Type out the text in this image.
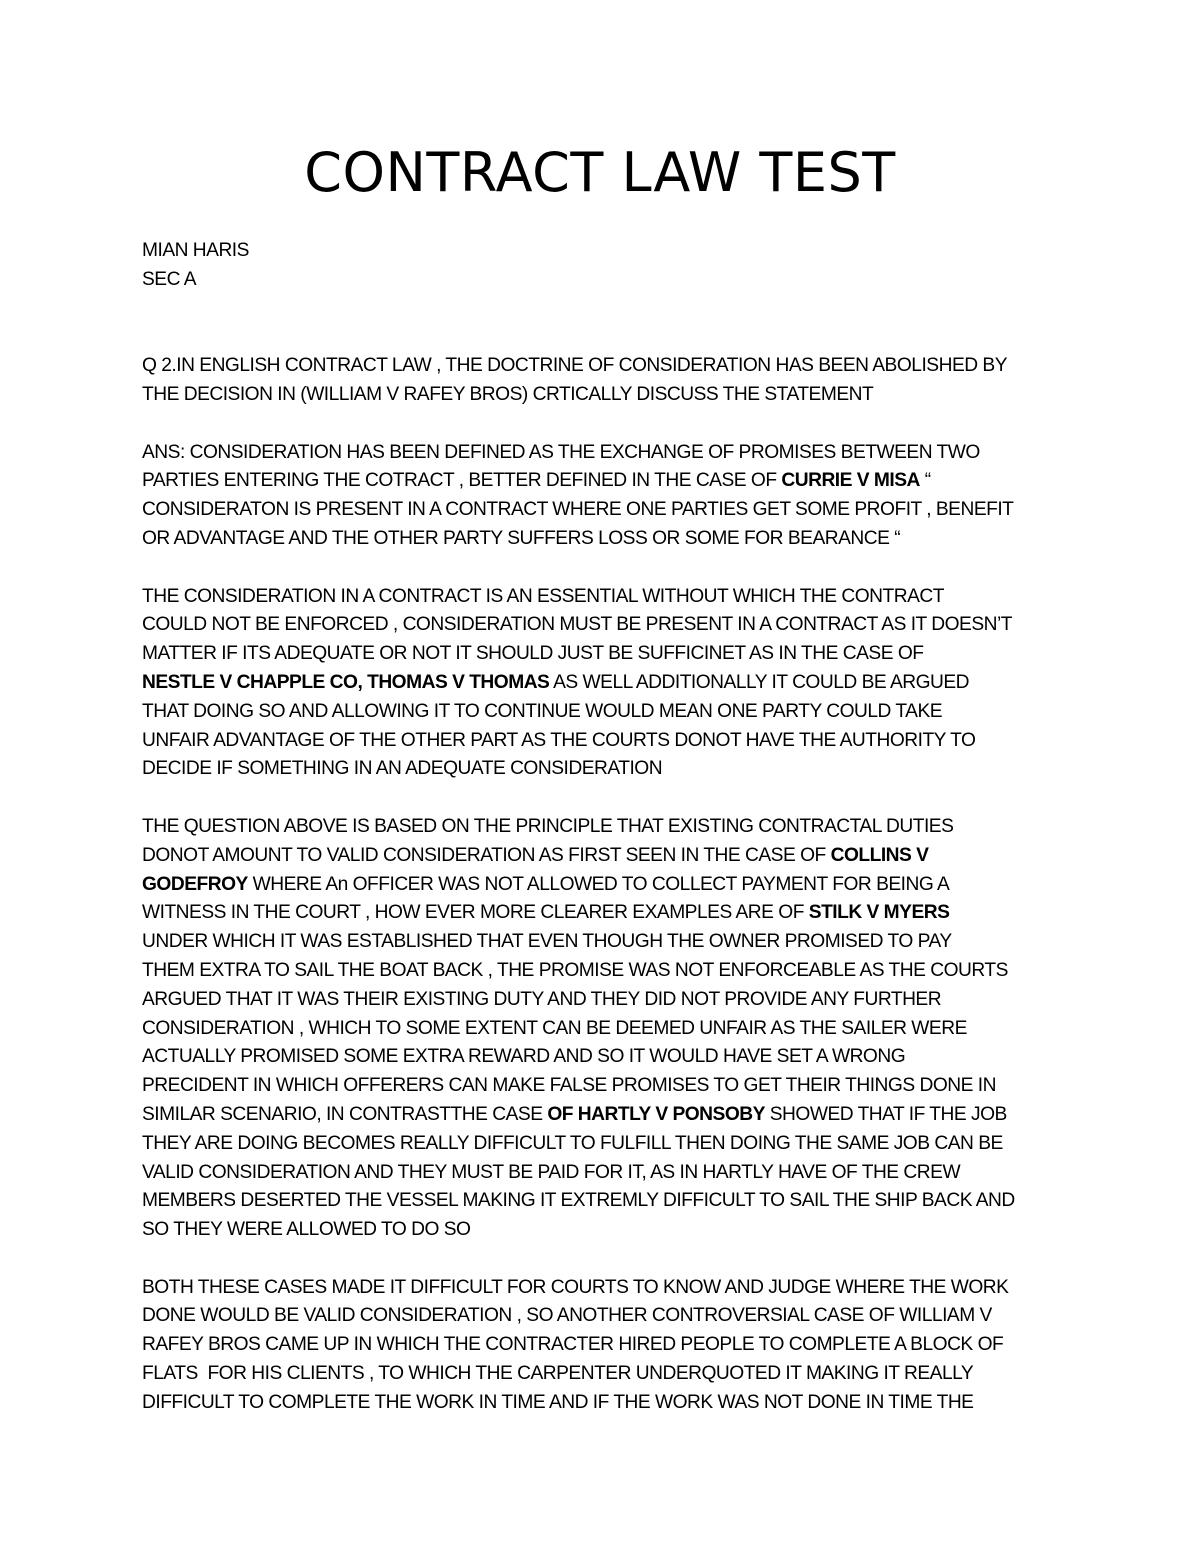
CONTRACT LAW TEST
MIAN HARIS
SEC A
Q 2.IN ENGLISH CONTRACT LAW , THE DOCTRINE OF CONSIDERATION HAS BEEN ABOLISHED BY
THE DECISION IN (WILLIAM V RAFEY BROS) CRTICALLY DISCUSS THE STATEMENT
ANS: CONSIDERATION HAS BEEN DEFINED AS THE EXCHANGE OF PROMISES BETWEEN TWO
PARTIES ENTERING THE COTRACT , BETTER DEFINED IN THE CASE OF CURRIE V MISA “
CONSIDERATON IS PRESENT IN A CONTRACT WHERE ONE PARTIES GET SOME PROFIT , BENEFIT
OR ADVANTAGE AND THE OTHER PARTY SUFFERS LOSS OR SOME FOR BEARANCE “
THE CONSIDERATION IN A CONTRACT IS AN ESSENTIAL WITHOUT WHICH THE CONTRACT
COULD NOT BE ENFORCED , CONSIDERATION MUST BE PRESENT IN A CONTRACT AS IT DOESN’T
MATTER IF ITS ADEQUATE OR NOT IT SHOULD JUST BE SUFFICINET AS IN THE CASE OF
NESTLE V CHAPPLE CO, THOMAS V THOMAS AS WELL ADDITIONALLY IT COULD BE ARGUED
THAT DOING SO AND ALLOWING IT TO CONTINUE WOULD MEAN ONE PARTY COULD TAKE
UNFAIR ADVANTAGE OF THE OTHER PART AS THE COURTS DONOT HAVE THE AUTHORITY TO
DECIDE IF SOMETHING IN AN ADEQUATE CONSIDERATION
THE QUESTION ABOVE IS BASED ON THE PRINCIPLE THAT EXISTING CONTRACTAL DUTIES
DONOT AMOUNT TO VALID CONSIDERATION AS FIRST SEEN IN THE CASE OF COLLINS V
GODEFROY WHERE An OFFICER WAS NOT ALLOWED TO COLLECT PAYMENT FOR BEING A
WITNESS IN THE COURT , HOW EVER MORE CLEARER EXAMPLES ARE OF STILK V MYERS
UNDER WHICH IT WAS ESTABLISHED THAT EVEN THOUGH THE OWNER PROMISED TO PAY
THEM EXTRA TO SAIL THE BOAT BACK , THE PROMISE WAS NOT ENFORCEABLE AS THE COURTS
ARGUED THAT IT WAS THEIR EXISTING DUTY AND THEY DID NOT PROVIDE ANY FURTHER
CONSIDERATION , WHICH TO SOME EXTENT CAN BE DEEMED UNFAIR AS THE SAILER WERE
ACTUALLY PROMISED SOME EXTRA REWARD AND SO IT WOULD HAVE SET A WRONG
PRECIDENT IN WHICH OFFERERS CAN MAKE FALSE PROMISES TO GET THEIR THINGS DONE IN
SIMILAR SCENARIO, IN CONTRASTTHE CASE OF HARTLY V PONSOBY SHOWED THAT IF THE JOB
THEY ARE DOING BECOMES REALLY DIFFICULT TO FULFILL THEN DOING THE SAME JOB CAN BE
VALID CONSIDERATION AND THEY MUST BE PAID FOR IT, AS IN HARTLY HAVE OF THE CREW
MEMBERS DESERTED THE VESSEL MAKING IT EXTREMLY DIFFICULT TO SAIL THE SHIP BACK AND
SO THEY WERE ALLOWED TO DO SO
BOTH THESE CASES MADE IT DIFFICULT FOR COURTS TO KNOW AND JUDGE WHERE THE WORK
DONE WOULD BE VALID CONSIDERATION , SO ANOTHER CONTROVERSIAL CASE OF WILLIAM V
RAFEY BROS CAME UP IN WHICH THE CONTRACTER HIRED PEOPLE TO COMPLETE A BLOCK OF
FLATS  FOR HIS CLIENTS , TO WHICH THE CARPENTER UNDERQUOTED IT MAKING IT REALLY
DIFFICULT TO COMPLETE THE WORK IN TIME AND IF THE WORK WAS NOT DONE IN TIME THE
